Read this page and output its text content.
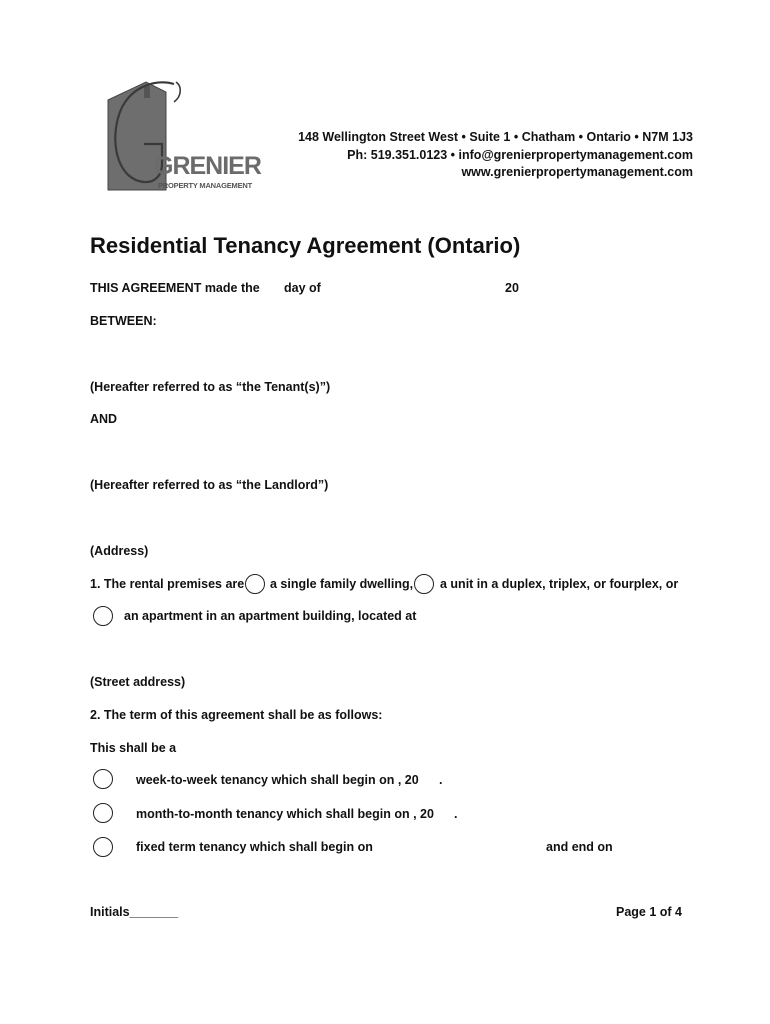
GRENIER
PROPERTY MANAGEMENT
148 Wellington Street West • Suite 1 • Chatham • Ontario • N7M 1J3
Ph: 519.351.0123 • info@grenierpropertymanagement.com
www.grenierpropertymanagement.com
Residential Tenancy Agreement (Ontario)
THIS AGREEMENT made the day of	20
BETWEEN:
(Hereafter referred to as “the Tenant(s)”)
AND
(Hereafter referred to as “the Landlord”)
(Address)
1. The rental premises are a single family dwelling, a unit in a duplex, triplex, or fourplex, or
an apartment in an apartment building, located at
(Street address)
2. The term of this agreement shall be as follows:
This shall be a
week-to-week tenancy which shall begin on , 20 .
month-to-month tenancy which shall begin on , 20 .
fixed term tenancy which shall begin on	and end on
Initials_______	Page 1 of 4
